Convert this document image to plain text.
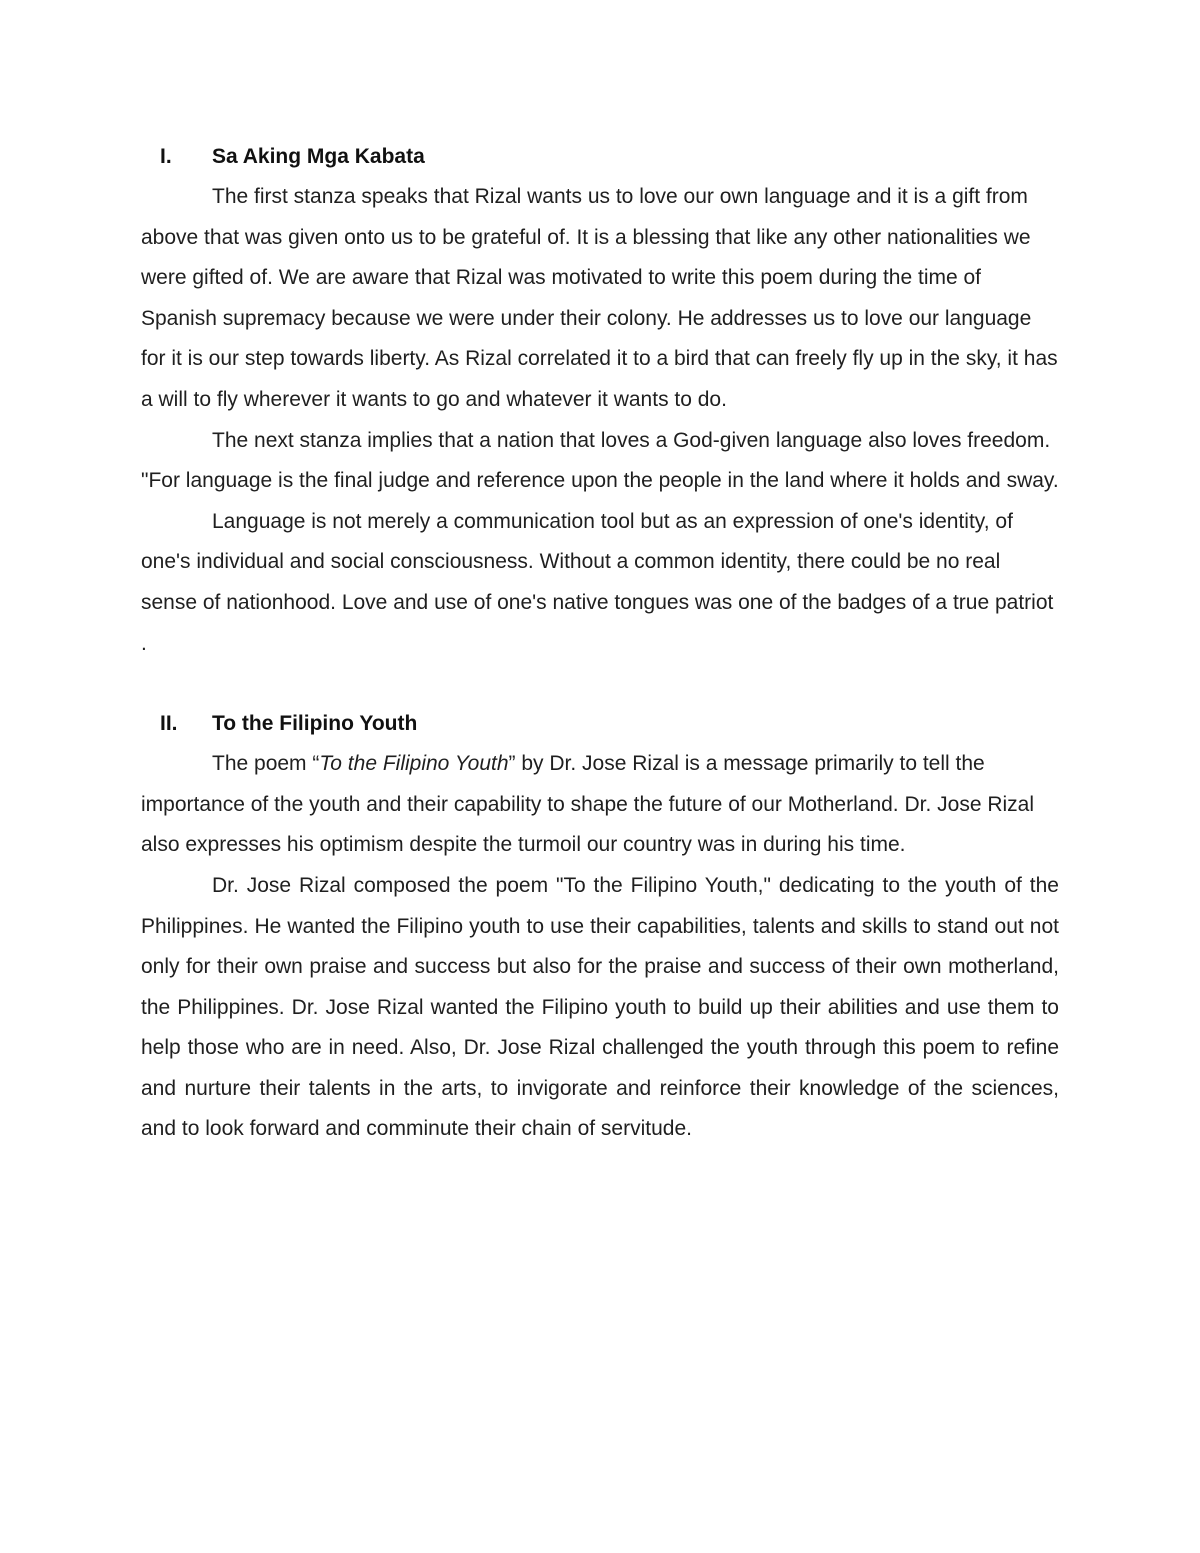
I.	Sa Aking Mga Kabata

The first stanza speaks that Rizal wants us to love our own language and it is a gift from above that was given onto us to be grateful of. It is a blessing that like any other nationalities we were gifted of. We are aware that Rizal was motivated to write this poem during the time of Spanish supremacy because we were under their colony. He addresses us to love our language for it is our step towards liberty. As Rizal correlated it to a bird that can freely fly up in the sky, it has a will to fly wherever it wants to go and whatever it wants to do.

The next stanza implies that a nation that loves a God-given language also loves freedom. "For language is the final judge and reference upon the people in the land where it holds and sway.

Language is not merely a communication tool but as an expression of one's identity, of one's individual and social consciousness. Without a common identity, there could be no real sense of nationhood. Love and use of one's native tongues was one of the badges of a true patriot .

II.	To the Filipino Youth

The poem “To the Filipino Youth” by Dr. Jose Rizal is a message primarily to tell the importance of the youth and their capability to shape the future of our Motherland. Dr. Jose Rizal also expresses his optimism despite the turmoil our country was in during his time.

Dr. Jose Rizal composed the poem "To the Filipino Youth," dedicating to the youth of the Philippines. He wanted the Filipino youth to use their capabilities, talents and skills to stand out not only for their own praise and success but also for the praise and success of their own motherland, the Philippines. Dr. Jose Rizal wanted the Filipino youth to build up their abilities and use them to help those who are in need. Also, Dr. Jose Rizal challenged the youth through this poem to refine and nurture their talents in the arts, to invigorate and reinforce their knowledge of the sciences, and to look forward and comminute their chain of servitude.
